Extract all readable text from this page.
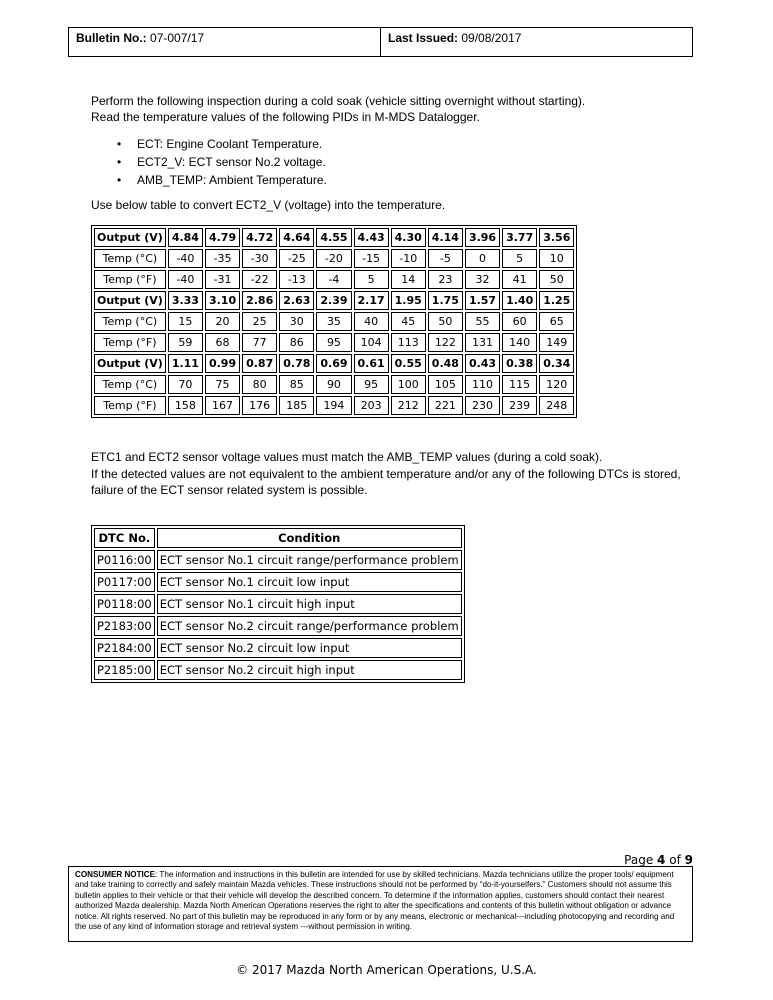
Bulletin No.: 07-007/17	Last Issued: 09/08/2017

Perform the following inspection during a cold soak (vehicle sitting overnight without starting).

Read the temperature values of the following PIDs in M-MDS Datalogger.

• ECT: Engine Coolant Temperature.
• ECT2_V: ECT sensor No.2 voltage.
• AMB_TEMP: Ambient Temperature.
Use below table to convert ECT2_V (voltage) into the temperature.
Output (V)	4.84	4.79	4.72	4.64	4.55	4.43	4.30	4.14	3.96	3.77	3.56
Temp (°C)	-40	-35	-30	-25	-20	-15	-10	-5	0	5	10
Temp (°F)	-40	-31	-22	-13	-4	5	14	23	32	41	50
Output (V)	3.33	3.10	2.86	2.63	2.39	2.17	1.95	1.75	1.57	1.40	1.25
Temp (°C)	15	20	25	30	35	40	45	50	55	60	65
Temp (°F)	59	68	77	86	95	104	113	122	131	140	149
Output (V)	1.11	0.99	0.87	0.78	0.69	0.61	0.55	0.48	0.43	0.38	0.34
Temp (°C)	70	75	80	85	90	95	100	105	110	115	120
Temp (°F)	158	167	176	185	194	203	212	221	230	239	248

ETC1 and ECT2 sensor voltage values must match the AMB_TEMP values (during a cold soak).

If the detected values are not equivalent to the ambient temperature and/or any of the following DTCs is stored, failure of the ECT sensor related system is possible.

DTC No.	Condition
P0116:00	ECT sensor No.1 circuit range/performance problem
P0117:00	ECT sensor No.1 circuit low input
P0118:00	ECT sensor No.1 circuit high input
P2183:00	ECT sensor No.2 circuit range/performance problem
P2184:00	ECT sensor No.2 circuit low input
P2185:00	ECT sensor No.2 circuit high input
Page 4 of 9
CONSUMER NOTICE: The information and instructions in this bulletin are intended for use by skilled technicians. Mazda technicians utilize the proper tools/ equipment and take training to correctly and safely maintain Mazda vehicles. These instructions should not be performed by “do-it-yourselfers.” Customers should not assume this bulletin applies to their vehicle or that their vehicle will develop the described concern. To determine if the information applies, customers should contact their nearest authorized Mazda dealership. Mazda North American Operations reserves the right to alter the specifications and contents of this bulletin without obligation or advance notice. All rights reserved. No part of this bulletin may be reproduced in any form or by any means, electronic or mechanical---including photocopying and recording and the use of any kind of information storage and retrieval system ---without permission in writing.
© 2017 Mazda North American Operations, U.S.A.
